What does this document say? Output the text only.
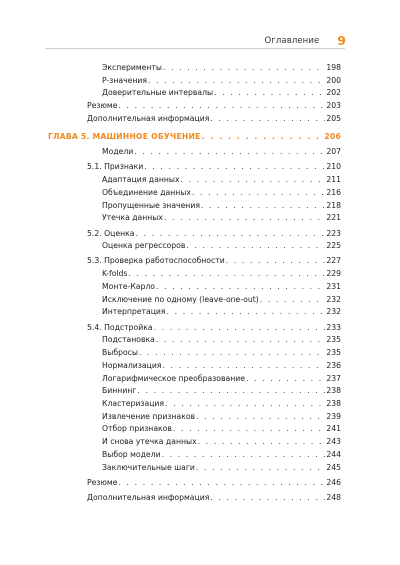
Оглавление 9
Эксперименты . . .	198
P-значения . . .	200
Доверительные интервалы . . .	202
Резюме . . .	203
Дополнительная информация . . .	205
ГЛАВА 5. МАШИННОЕ ОБУЧЕНИЕ . . .	206
Модели . . .	207
5.1. Признаки . . .	210
Адаптация данных . . .	211
Объединение данных . . .	216
Пропущенные значения . . .	218
Утечка данных . . .	221
5.2. Оценка . . .	223
Оценка регрессоров . . .	225
5.3. Проверка работоспособности . . .	227
K-folds . . .	229
Монте-Карло . . .	231
Исключение по одному (leave-one-out) . . .	232
Интерпретация . . .	232
5.4. Подстройка . . .	233
Подстановка . . .	235
Выбросы . . .	235
Нормализация . . .	236
Логарифмическое преобразование . . .	237
Биннинг . . .	238
Кластеризация . . .	238
Извлечение признаков . . .	239
Отбор признаков . . .	241
И снова утечка данных . . .	243
Выбор модели . . .	244
Заключительные шаги . . .	245
Резюме . . .	246
Дополнительная информация . . .	248
